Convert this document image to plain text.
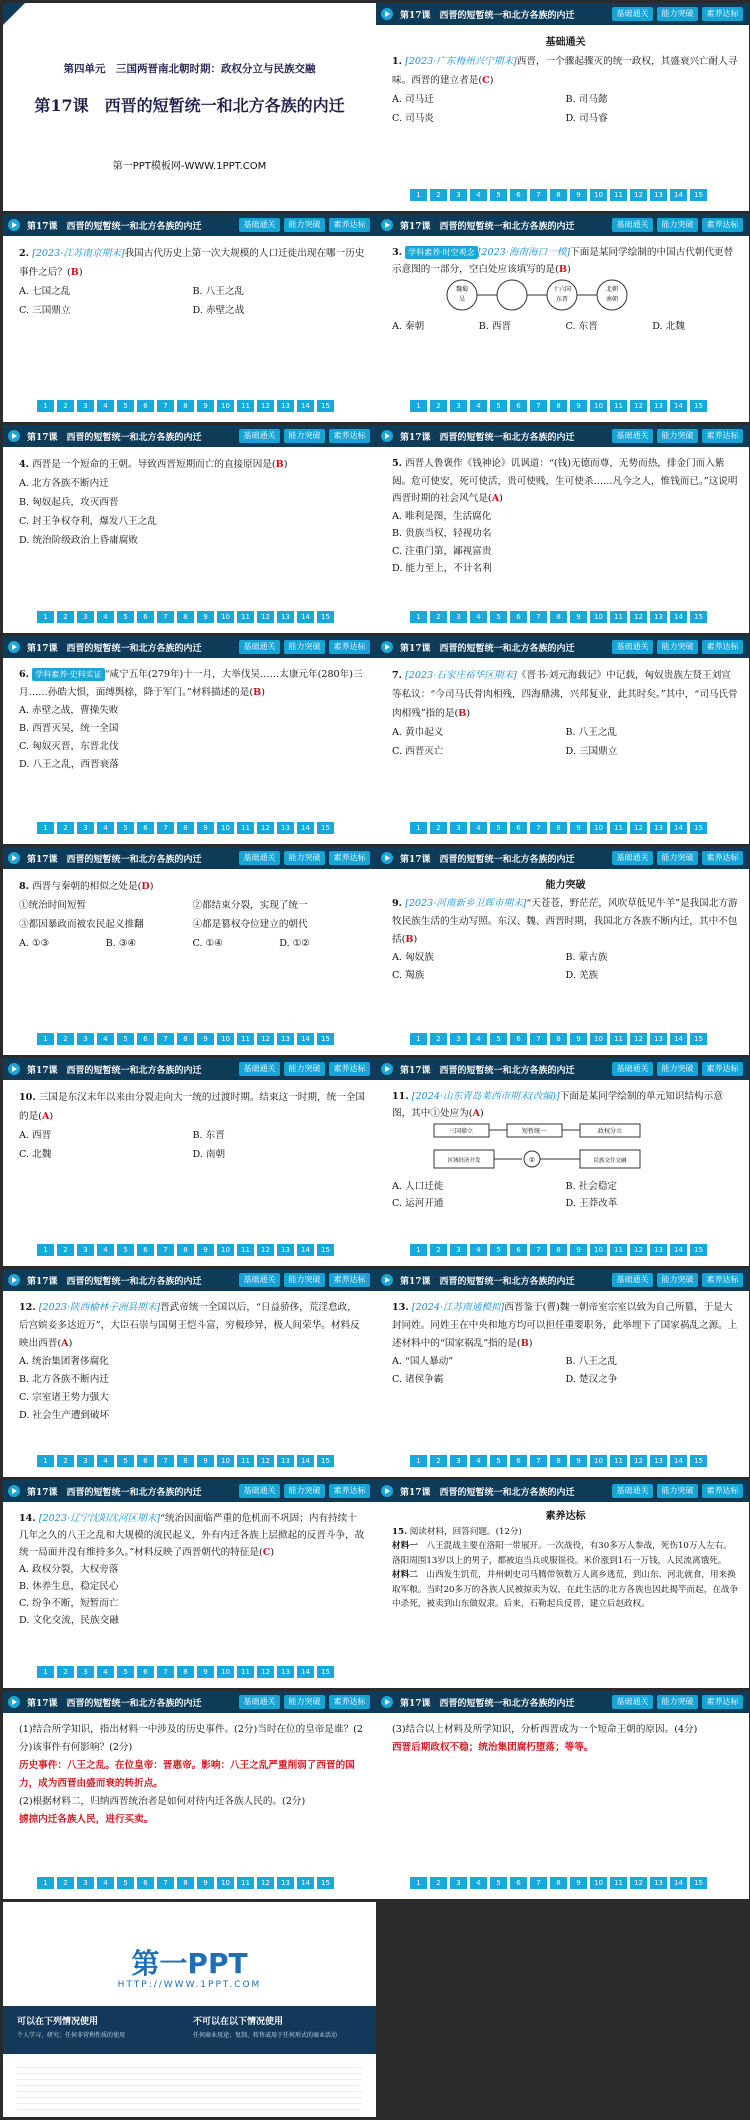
第四单元　三国两晋南北朝时期：政权分立与民族交融
第17课　西晋的短暂统一和北方各族的内迁
第一PPT模板网-WWW.1PPT.COM
第17课　西晋的短暂统一和北方各族的内迁	基础通关	能力突破	素养达标
基础通关
1. [2023·广东梅州兴宁期末]西晋，一个骤起骤灭的统一政权，其盛衰兴亡耐人寻味。西晋的建立者是(C)
A. 司马迁	B. 司马懿
C. 司马炎	D. 司马睿
1	2	3	4	5	6	7	8	9	10	11	12	13	14	15
第17课　西晋的短暂统一和北方各族的内迁	基础通关	能力突破	素养达标
2. [2023·江苏南京期末]我国古代历史上第一次大规模的人口迁徙出现在哪一历史事件之后？(B)
A. 七国之乱	B. 八王之乱
C. 三国鼎立	D. 赤壁之战
1	2	3	4	5	6	7	8	9	10	11	12	13	14	15
第17课　西晋的短暂统一和北方各族的内迁	基础通关	能力突破	素养达标
3. 学科素养·时空观念 [2023·海南海口一模]下面是某同学绘制的中国古代朝代更替示意图的一部分，空白处应该填写的是(B)
魏蜀
吴
十六国
东晋
北朝
南朝
A. 秦朝	B. 西晋	C. 东晋	D. 北魏
1	2	3	4	5	6	7	8	9	10	11	12	13	14	15
第17课　西晋的短暂统一和北方各族的内迁	基础通关	能力突破	素养达标
4. 西晋是一个短命的王朝。导致西晋短期而亡的直接原因是(B)
A. 北方各族不断内迁
B. 匈奴起兵，攻灭西晋
C. 封王争权夺利，爆发八王之乱
D. 统治阶级政治上昏庸腐败
1	2	3	4	5	6	7	8	9	10	11	12	13	14	15
第17课　西晋的短暂统一和北方各族的内迁	基础通关	能力突破	素养达标
5. 西晋人鲁褒作《钱神论》讥讽道：“(钱)无德而尊，无势而热，排金门而入紫闼。危可使安，死可使活，贵可使贱，生可使杀……凡今之人，惟钱而已。”这说明西晋时期的社会风气是(A)
A. 唯利是图，生活腐化
B. 贵族当权，轻视功名
C. 注重门第，鄙视富贵
D. 能力至上，不计名利
1	2	3	4	5	6	7	8	9	10	11	12	13	14	15
第17课　西晋的短暂统一和北方各族的内迁	基础通关	能力突破	素养达标
6. 学科素养·史料实证 “咸宁五年(279年)十一月，大举伐吴……太康元年(280年)三月……孙皓大惧，面缚舆榇，降于军门。”材料描述的是(B)
A. 赤壁之战，曹操失败
B. 西晋灭吴，统一全国
C. 匈奴灭晋，东晋北伐
D. 八王之乱，西晋衰落
1	2	3	4	5	6	7	8	9	10	11	12	13	14	15
第17课　西晋的短暂统一和北方各族的内迁	基础通关	能力突破	素养达标
7. [2023·石家庄裕华区期末]《晋书·刘元海载记》中记载，匈奴贵族左贤王刘宣等私议：“今司马氏骨肉相残，四海鼎沸，兴邦复业，此其时矣。”其中，“司马氏骨肉相残”指的是(B)
A. 黄巾起义	B. 八王之乱
C. 西晋灭亡	D. 三国鼎立
1	2	3	4	5	6	7	8	9	10	11	12	13	14	15
第17课　西晋的短暂统一和北方各族的内迁	基础通关	能力突破	素养达标
8. 西晋与秦朝的相似之处是(D)
①统治时间短暂	②都结束分裂，实现了统一
③都因暴政而被农民起义推翻	④都是篡权夺位建立的朝代
A. ①③	B. ③④	C. ①④	D. ①②
1	2	3	4	5	6	7	8	9	10	11	12	13	14	15
第17课　西晋的短暂统一和北方各族的内迁	基础通关	能力突破	素养达标
能力突破
9. [2023·河南新乡卫辉市期末]“天苍苍，野茫茫，风吹草低见牛羊”是我国北方游牧民族生活的生动写照。东汉、魏、西晋时期，我国北方各族不断内迁，其中不包括(B)
A. 匈奴族	B. 蒙古族
C. 羯族	D. 羌族
1	2	3	4	5	6	7	8	9	10	11	12	13	14	15
第17课　西晋的短暂统一和北方各族的内迁	基础通关	能力突破	素养达标
10. 三国是东汉末年以来由分裂走向大一统的过渡时期。结束这一时期，统一全国的是(A)
A. 西晋	B. 东晋
C. 北魏	D. 南朝
1	2	3	4	5	6	7	8	9	10	11	12	13	14	15
第17课　西晋的短暂统一和北方各族的内迁	基础通关	能力突破	素养达标
11. [2024·山东青岛莱西市期末(改编)]下面是某同学绘制的单元知识结构示意图，其中①处应为(A)
三国鼎立	短暂统一	政权分立
区域经济开发	①	民族交往交融
A. 人口迁徙	B. 社会稳定
C. 运河开通	D. 王莽改革
1	2	3	4	5	6	7	8	9	10	11	12	13	14	15
第17课　西晋的短暂统一和北方各族的内迁	基础通关	能力突破	素养达标
12. [2023·陕西榆林子洲县期末]晋武帝统一全国以后，“日益骄侈，荒淫怠政，后宫嫔妾多达近万”，大臣石崇与国舅王恺斗富，穷极珍异，极人间荣华。材料反映出西晋(A)
A. 统治集团奢侈腐化
B. 北方各族不断内迁
C. 宗室诸王势力强大
D. 社会生产遭到破坏
1	2	3	4	5	6	7	8	9	10	11	12	13	14	15
第17课　西晋的短暂统一和北方各族的内迁	基础通关	能力突破	素养达标
13. [2024·江苏南通模拟]西晋鉴于(曹)魏一朝帝室宗室以致为自己所篡，于是大封同姓。同姓王在中央和地方均可以担任重要职务，此举埋下了国家祸乱之源。上述材料中的“国家祸乱”指的是(B)
A. “国人暴动”	B. 八王之乱
C. 诸侯争霸	D. 楚汉之争
1	2	3	4	5	6	7	8	9	10	11	12	13	14	15
第17课　西晋的短暂统一和北方各族的内迁	基础通关	能力突破	素养达标
14. [2023·辽宁沈阳沈河区期末]“统治因面临严重的危机而不巩固；内有持续十几年之久的八王之乱和大规模的流民起义，外有内迁各族上层掀起的反晋斗争，故统一局面并没有维持多久。”材料反映了西晋朝代的特征是(C)
A. 政权分裂，大权旁落
B. 休养生息，稳定民心
C. 纷争不断，短暂而亡
D. 文化交流，民族交融
1	2	3	4	5	6	7	8	9	10	11	12	13	14	15
第17课　西晋的短暂统一和北方各族的内迁	基础通关	能力突破	素养达标
素养达标
15. 阅读材料，回答问题。(12分)
材料一　 八王混战主要在洛阳一带展开。一次战役，有30多万人参战，死伤10万人左右。洛阳周围13岁以上的男子，都被迫当兵或服徭役。米价涨到1石一万钱，人民流离饿死。
材料二　 山西发生饥荒，并州刺史司马腾带领数万人离乡逃荒，到山东、河北就食，用来换取军粮。当时20多万的各族人民被掠卖为奴，在此生活的北方各族也因此揭竿而起，在战争中杀死，被卖到山东做奴隶。后来，石勒起兵反晋，建立后赵政权。
第17课　西晋的短暂统一和北方各族的内迁	基础通关	能力突破	素养达标
(1)结合所学知识，指出材料一中涉及的历史事件。(2分)当时在位的皇帝是谁？(2分)该事件有何影响？(2分)
历史事件：八王之乱。在位皇帝：晋惠帝。影响：八王之乱严重削弱了西晋的国力，成为西晋由盛而衰的转折点。
(2)根据材料二，归纳西晋统治者是如何对待内迁各族人民的。(2分)
掳掠内迁各族人民，进行买卖。
1	2	3	4	5	6	7	8	9	10	11	12	13	14	15
第17课　西晋的短暂统一和北方各族的内迁	基础通关	能力突破	素养达标
(3)结合以上材料及所学知识，分析西晋成为一个短命王朝的原因。(4分)
西晋后期政权不稳；统治集团腐朽堕落；等等。
1	2	3	4	5	6	7	8	9	10	11	12	13	14	15
第一PPT
HTTP://WWW.1PPT.COM
可以在下列情况使用
个人学习、研究；任何非营利性质的使用
不可以在以下情况使用
任何商业用途；复制、转售或用于任何形式的商业活动
